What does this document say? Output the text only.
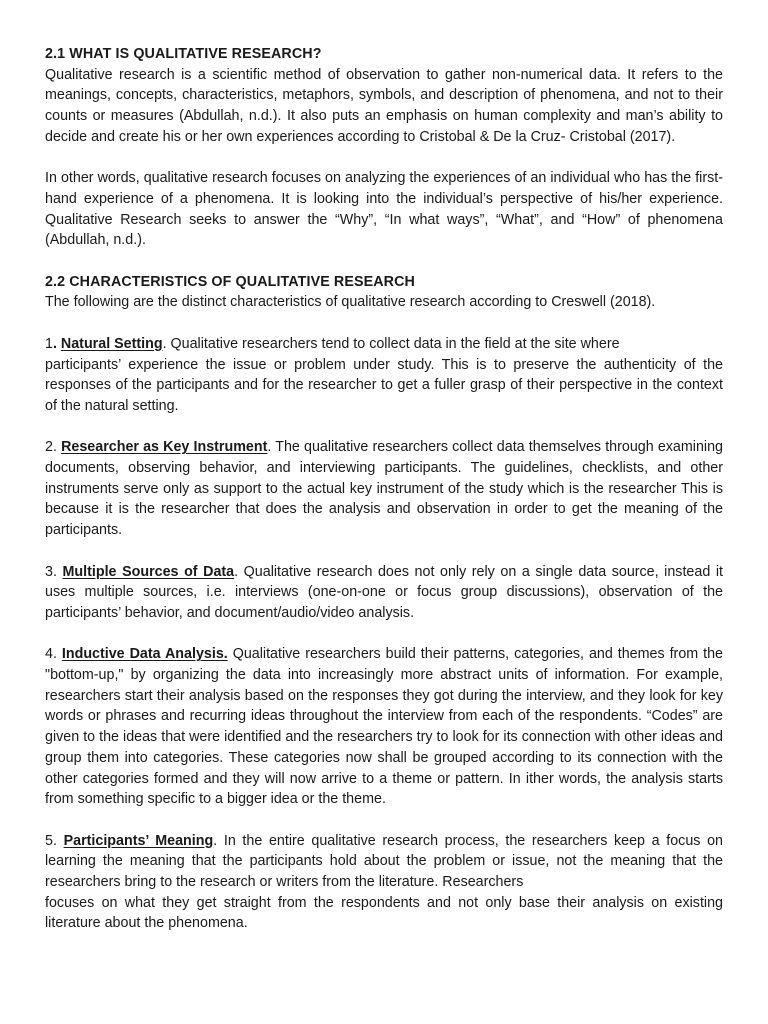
2.1 WHAT IS QUALITATIVE RESEARCH?

Qualitative research is a scientific method of observation to gather non-numerical data. It refers to the meanings, concepts, characteristics, metaphors, symbols, and description of phenomena, and not to their counts or measures (Abdullah, n.d.). It also puts an emphasis on human complexity and man’s ability to decide and create his or her own experiences according to Cristobal & De la Cruz- Cristobal (2017).

In other words, qualitative research focuses on analyzing the experiences of an individual who has the first-hand experience of a phenomena. It is looking into the individual’s perspective of his/her experience. Qualitative Research seeks to answer the “Why”, “In what ways”, “What”, and “How” of phenomena (Abdullah, n.d.).

2.2 CHARACTERISTICS OF QUALITATIVE RESEARCH

The following are the distinct characteristics of qualitative research according to Creswell (2018).

1. Natural Setting. Qualitative researchers tend to collect data in the field at the site where

participants’ experience the issue or problem under study. This is to preserve the authenticity of the responses of the participants and for the researcher to get a fuller grasp of their perspective in the context of the natural setting.

2. Researcher as Key Instrument. The qualitative researchers collect data themselves through examining documents, observing behavior, and interviewing participants. The guidelines, checklists, and other instruments serve only as support to the actual key instrument of the study which is the researcher This is because it is the researcher that does the analysis and observation in order to get the meaning of the participants.

3. Multiple Sources of Data. Qualitative research does not only rely on a single data source, instead it uses multiple sources, i.e. interviews (one-on-one or focus group discussions), observation of the participants’ behavior, and document/audio/video analysis.

4. Inductive Data Analysis. Qualitative researchers build their patterns, categories, and themes from the "bottom-up," by organizing the data into increasingly more abstract units of information. For example, researchers start their analysis based on the responses they got during the interview, and they look for key words or phrases and recurring ideas throughout the interview from each of the respondents. “Codes” are given to the ideas that were identified and the researchers try to look for its connection with other ideas and group them into categories. These categories now shall be grouped according to its connection with the other categories formed and they will now arrive to a theme or pattern. In ither words, the analysis starts from something specific to a bigger idea or the theme.

5. Participants’ Meaning. In the entire qualitative research process, the researchers keep a focus on learning the meaning that the participants hold about the problem or issue, not the meaning that the researchers bring to the research or writers from the literature. Researchers

focuses on what they get straight from the respondents and not only base their analysis on existing literature about the phenomena.
